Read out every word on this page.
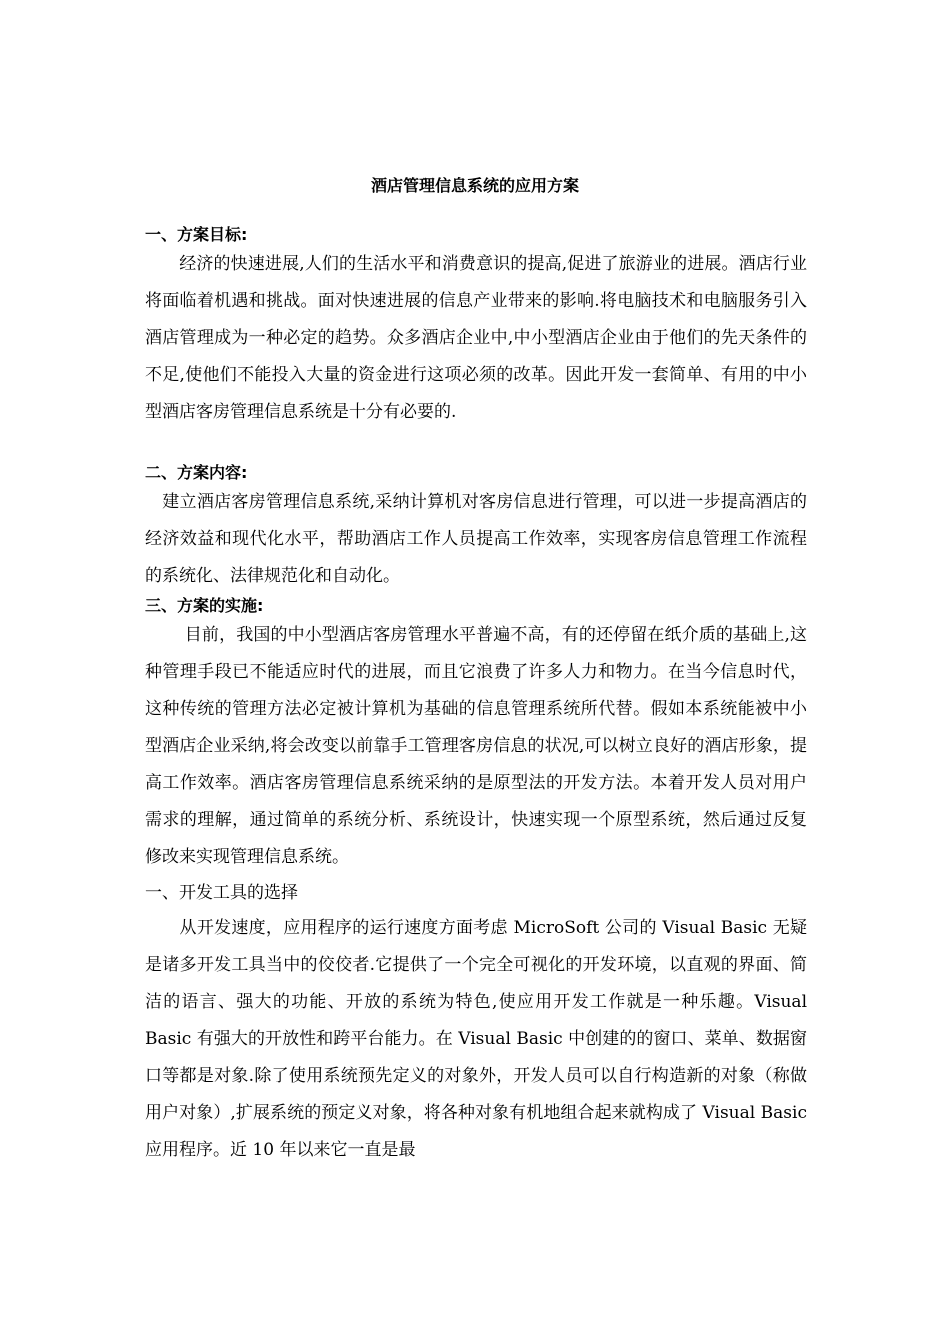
酒店管理信息系统的应用方案
一、方案目标:

　　经济的快速进展,人们的生活水平和消费意识的提高,促进了旅游业的进展。酒店行业将面临着机遇和挑战。面对快速进展的信息产业带来的影响.将电脑技术和电脑服务引入酒店管理成为一种必定的趋势。众多酒店企业中,中小型酒店企业由于他们的先天条件的不足,使他们不能投入大量的资金进行这项必须的改革。因此开发一套简单、有用的中小型酒店客房管理信息系统是十分有必要的.

二、方案内容:

　建立酒店客房管理信息系统,采纳计算机对客房信息进行管理，可以进一步提高酒店的经济效益和现代化水平，帮助酒店工作人员提高工作效率，实现客房信息管理工作流程的系统化、法律规范化和自动化。

三、方案的实施:

　　 目前，我国的中小型酒店客房管理水平普遍不高，有的还停留在纸介质的基础上,这种管理手段已不能适应时代的进展，而且它浪费了许多人力和物力。在当今信息时代，这种传统的管理方法必定被计算机为基础的信息管理系统所代替。假如本系统能被中小型酒店企业采纳,将会改变以前靠手工管理客房信息的状况,可以树立良好的酒店形象，提高工作效率。酒店客房管理信息系统采纳的是原型法的开发方法。本着开发人员对用户需求的理解，通过简单的系统分析、系统设计，快速实现一个原型系统，然后通过反复修改来实现管理信息系统。

一、开发工具的选择

　　从开发速度，应用程序的运行速度方面考虑 MicroSoft 公司的 Visual Basic 无疑是诸多开发工具当中的佼佼者.它提供了一个完全可视化的开发环境，以直观的界面、简洁的语言、强大的功能、开放的系统为特色,使应用开发工作就是一种乐趣。Visual Basic 有强大的开放性和跨平台能力。在 Visual Basic 中创建的的窗口、菜单、数据窗口等都是对象.除了使用系统预先定义的对象外，开发人员可以自行构造新的对象（称做用户对象）,扩展系统的预定义对象，将各种对象有机地组合起来就构成了 Visual Basic 应用程序。近 10 年以来它一直是最
